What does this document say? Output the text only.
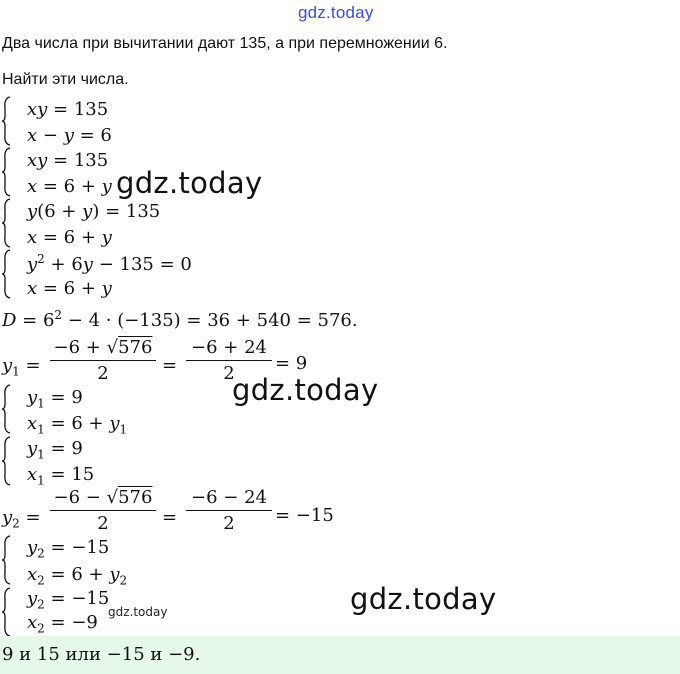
gdz.today
Два числа при вычитании дают 135, а при перемножении 6.
Найти эти числа.
xy = 135
x − y = 6
xy = 135
x = 6 + y
y(6 + y) = 135
x = 6 + y
$y^2 + 6y - 135 = 0$
x = 6 + y
$D = 6^2 - 4 \cdot (-135) = 36 + 540 = 576$.
$y_1$ =
−6 + √576
2	=
−6 + 24
2	= 9
$y_1 = 9$
$x_1 = 6 + y_1$
$y_1 = 9$
$x_1 = 15$
$y_2$ =
−6 − √576
2	=
−6 − 24
2	= −15
$y_2 = -15$
$x_2 = 6 + y_2$
$y_2 = -15$
$x_2 = -9$
gdz.today
gdz.today
gdz.today
gdz.today
9 и 15 или −15 и −9.
